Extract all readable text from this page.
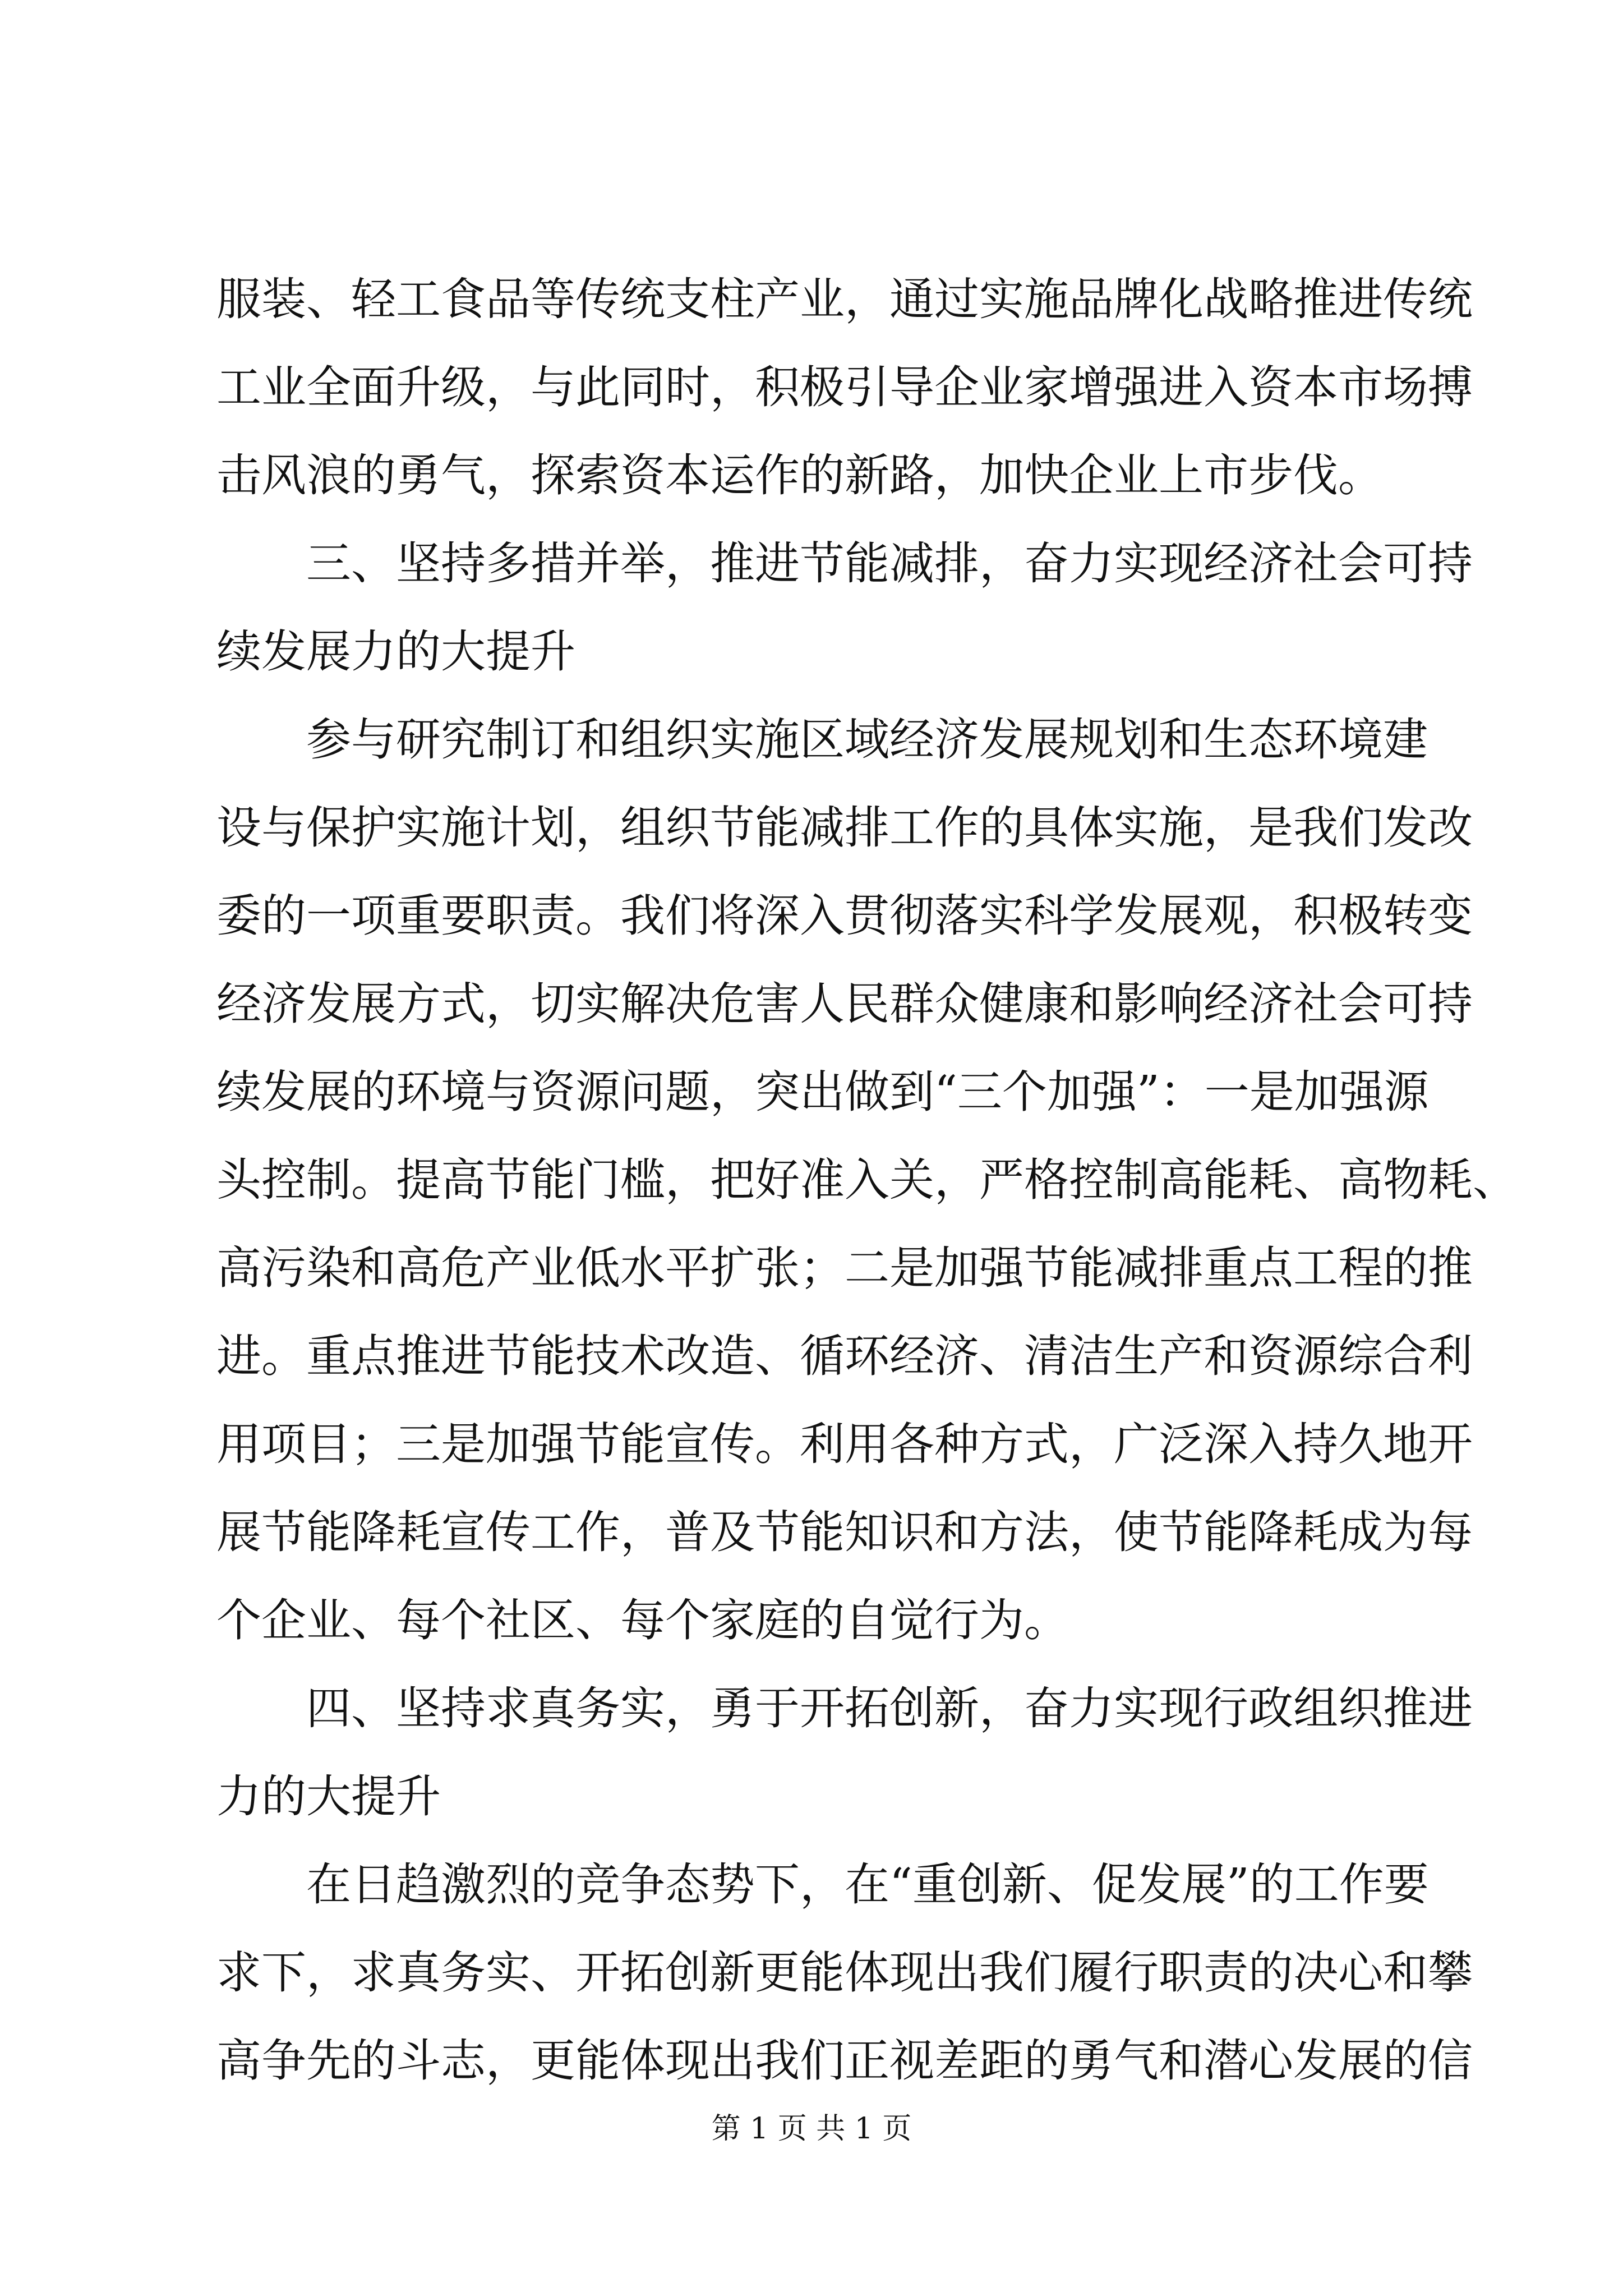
服装、轻工食品等传统支柱产业，通过实施品牌化战略推进传统
工业全面升级，与此同时，积极引导企业家增强进入资本市场搏
击风浪的勇气，探索资本运作的新路，加快企业上市步伐。
三、坚持多措并举，推进节能减排，奋力实现经济社会可持
续发展力的大提升
参与研究制订和组织实施区域经济发展规划和生态环境建
设与保护实施计划，组织节能减排工作的具体实施，是我们发改
委的一项重要职责。我们将深入贯彻落实科学发展观，积极转变
经济发展方式，切实解决危害人民群众健康和影响经济社会可持
续发展的环境与资源问题，突出做到“三个加强”：一是加强源
头控制。提高节能门槛，把好准入关，严格控制高能耗、高物耗、
高污染和高危产业低水平扩张；二是加强节能减排重点工程的推
进。重点推进节能技术改造、循环经济、清洁生产和资源综合利
用项目；三是加强节能宣传。利用各种方式，广泛深入持久地开
展节能降耗宣传工作，普及节能知识和方法，使节能降耗成为每
个企业、每个社区、每个家庭的自觉行为。
四、坚持求真务实，勇于开拓创新，奋力实现行政组织推进
力的大提升
在日趋激烈的竞争态势下，在“重创新、促发展”的工作要
求下，求真务实、开拓创新更能体现出我们履行职责的决心和攀
高争先的斗志，更能体现出我们正视差距的勇气和潜心发展的信
第 1 页 共 1 页
